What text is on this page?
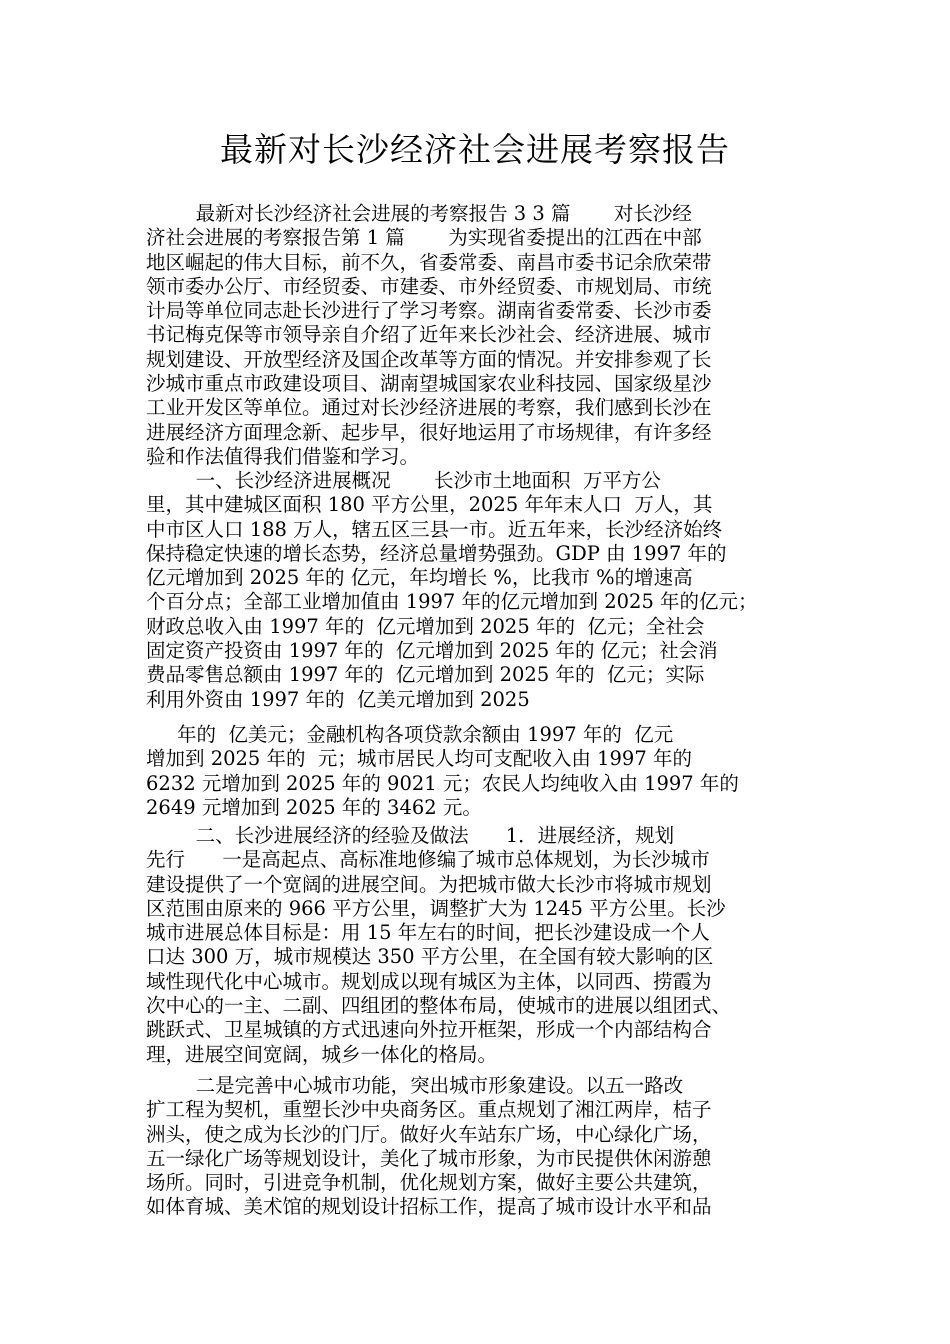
最新对长沙经济社会进展考察报告
最新对长沙经济社会进展的考察报告 3 3 篇       对长沙经
济社会进展的考察报告第 1 篇       为实现省委提出的江西在中部
地区崛起的伟大目标，前不久，省委常委、南昌市委书记余欣荣带
领市委办公厅、市经贸委、市建委、市外经贸委、市规划局、市统
计局等单位同志赴长沙进行了学习考察。湖南省委常委、长沙市委
书记梅克保等市领导亲自介绍了近年来长沙社会、经济进展、城市
规划建设、开放型经济及国企改革等方面的情况。并安排参观了长
沙城市重点市政建设项目、湖南望城国家农业科技园、国家级星沙
工业开发区等单位。通过对长沙经济进展的考察，我们感到长沙在
进展经济方面理念新、起步早，很好地运用了市场规律，有许多经
验和作法值得我们借鉴和学习。
一、长沙经济进展概况       长沙市土地面积  万平方公
里，其中建城区面积 180 平方公里，2025 年年末人口  万人，其
中市区人口 188 万人，辖五区三县一市。近五年来，长沙经济始终
保持稳定快速的增长态势，经济总量增势强劲。GDP 由 1997 年的
亿元增加到 2025 年的 亿元，年均增长 %，比我市 %的增速高
个百分点；全部工业增加值由 1997 年的亿元增加到 2025 年的亿元；
财政总收入由 1997 年的  亿元增加到 2025 年的  亿元；全社会
固定资产投资由 1997 年的  亿元增加到 2025 年的 亿元；社会消
费品零售总额由 1997 年的  亿元增加到 2025 年的  亿元；实际
利用外资由 1997 年的  亿美元增加到 2025
年的  亿美元；金融机构各项贷款余额由 1997 年的  亿元
增加到 2025 年的  元；城市居民人均可支配收入由 1997 年的
6232 元增加到 2025 年的 9021 元；农民人均纯收入由 1997 年的
2649 元增加到 2025 年的 3462 元。
二、长沙进展经济的经验及做法      1．进展经济，规划
先行      一是高起点、高标准地修编了城市总体规划，为长沙城市
建设提供了一个宽阔的进展空间。为把城市做大长沙市将城市规划
区范围由原来的 966 平方公里，调整扩大为 1245 平方公里。长沙
城市进展总体目标是：用 15 年左右的时间，把长沙建设成一个人
口达 300 万，城市规模达 350 平方公里，在全国有较大影响的区
域性现代化中心城市。规划成以现有城区为主体，以同西、捞霞为
次中心的一主、二副、四组团的整体布局，使城市的进展以组团式、
跳跃式、卫星城镇的方式迅速向外拉开框架，形成一个内部结构合
理，进展空间宽阔，城乡一体化的格局。
二是完善中心城市功能，突出城市形象建设。以五一路改
扩工程为契机，重塑长沙中央商务区。重点规划了湘江两岸，桔子
洲头，使之成为长沙的门厅。做好火车站东广场，中心绿化广场，
五一绿化广场等规划设计，美化了城市形象，为市民提供休闲游憩
场所。同时，引进竞争机制，优化规划方案，做好主要公共建筑，
如体育城、美术馆的规划设计招标工作，提高了城市设计水平和品
